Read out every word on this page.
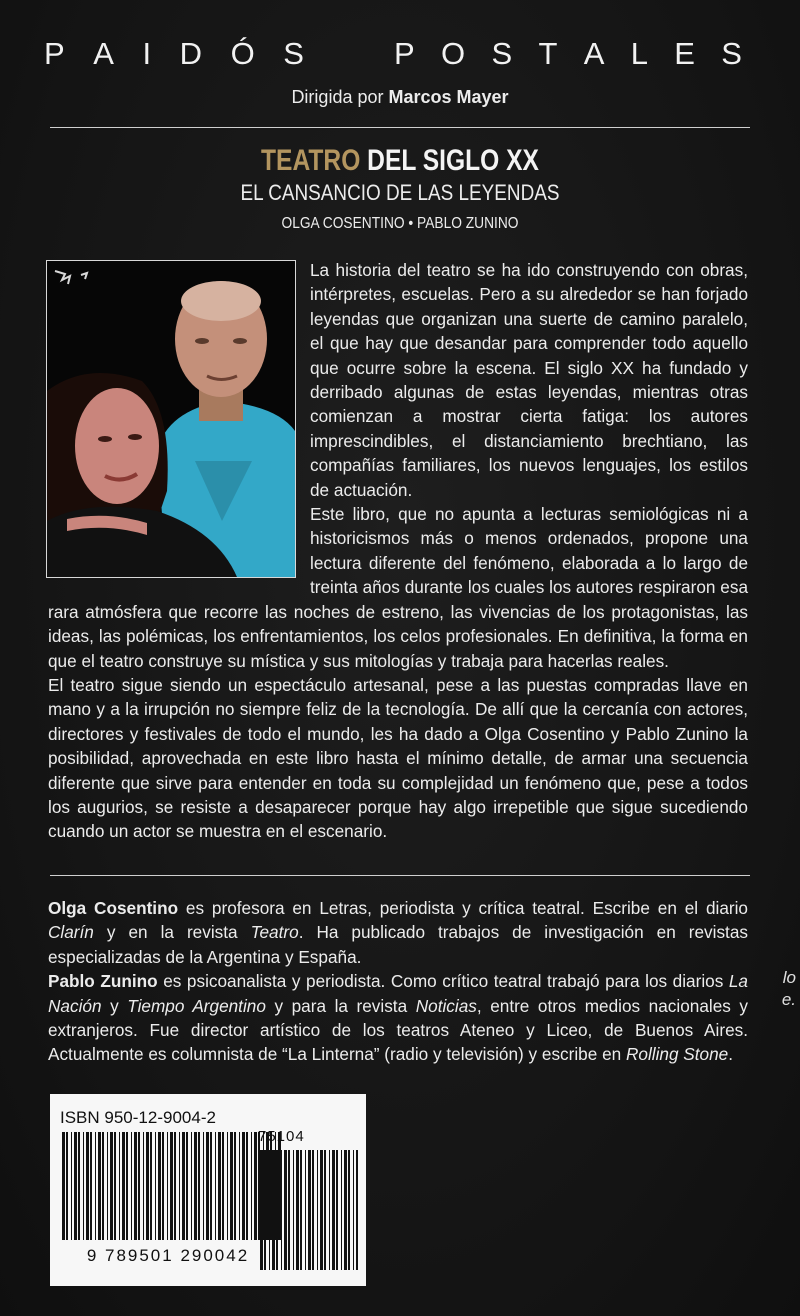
P A I D Ó S	P O S T A L E S
Dirigida por Marcos Mayer
TEATRO DEL SIGLO XX
EL CANSANCIO DE LAS LEYENDAS
OLGA COSENTINO • PABLO ZUNINO

La historia del teatro se ha ido construyendo con obras, intérpretes, escuelas. Pero a su alrededor se han forjado leyendas que organizan una suerte de camino paralelo, el que hay que desandar para comprender todo aquello que ocurre sobre la escena. El siglo XX ha fundado y derribado algunas de estas leyendas, mientras otras comienzan a mostrar cierta fatiga: los autores imprescindibles, el distanciamiento brechtiano, las compañías familiares, los nuevos lenguajes, los estilos de actuación.

Este libro, que no apunta a lecturas semiológicas ni a historicismos más o menos ordenados, propone una lectura diferente del fenómeno, elaborada a lo largo de treinta años durante los cuales los autores respiraron esa rara atmósfera que recorre las noches de estreno, las vivencias de los protagonistas, las ideas, las polémicas, los enfrentamientos, los celos profesionales. En definitiva, la forma en que el teatro construye su mística y sus mitologías y trabaja para hacerlas reales.

El teatro sigue siendo un espectáculo artesanal, pese a las puestas compradas llave en mano y a la irrupción no siempre feliz de la tecnología. De allí que la cercanía con actores, directores y festivales de todo el mundo, les ha dado a Olga Cosentino y Pablo Zunino la posibilidad, aprovechada en este libro hasta el mínimo detalle, de armar una secuencia diferente que sirve para entender en toda su complejidad un fenómeno que, pese a todos los augurios, se resiste a desaparecer porque hay algo irrepetible que sigue sucediendo cuando un actor se muestra en el escenario.

Olga Cosentino es profesora en Letras, periodista y crítica teatral. Escribe en el diario Clarín y en la revista Teatro. Ha publicado trabajos de investigación en revistas especializadas de la Argentina y España.

Pablo Zunino es psicoanalista y periodista. Como crítico teatral trabajó para los diarios La Nación y Tiempo Argentino y para la revista Noticias, entre otros medios nacionales y extranjeros. Fue director artístico de los teatros Ateneo y Liceo, de Buenos Aires. Actualmente es columnista de “La Linterna” (radio y televisión) y escribe en Rolling Stone.

lo
e.
ISBN 950-12-9004-2
75104
9 789501 290042
